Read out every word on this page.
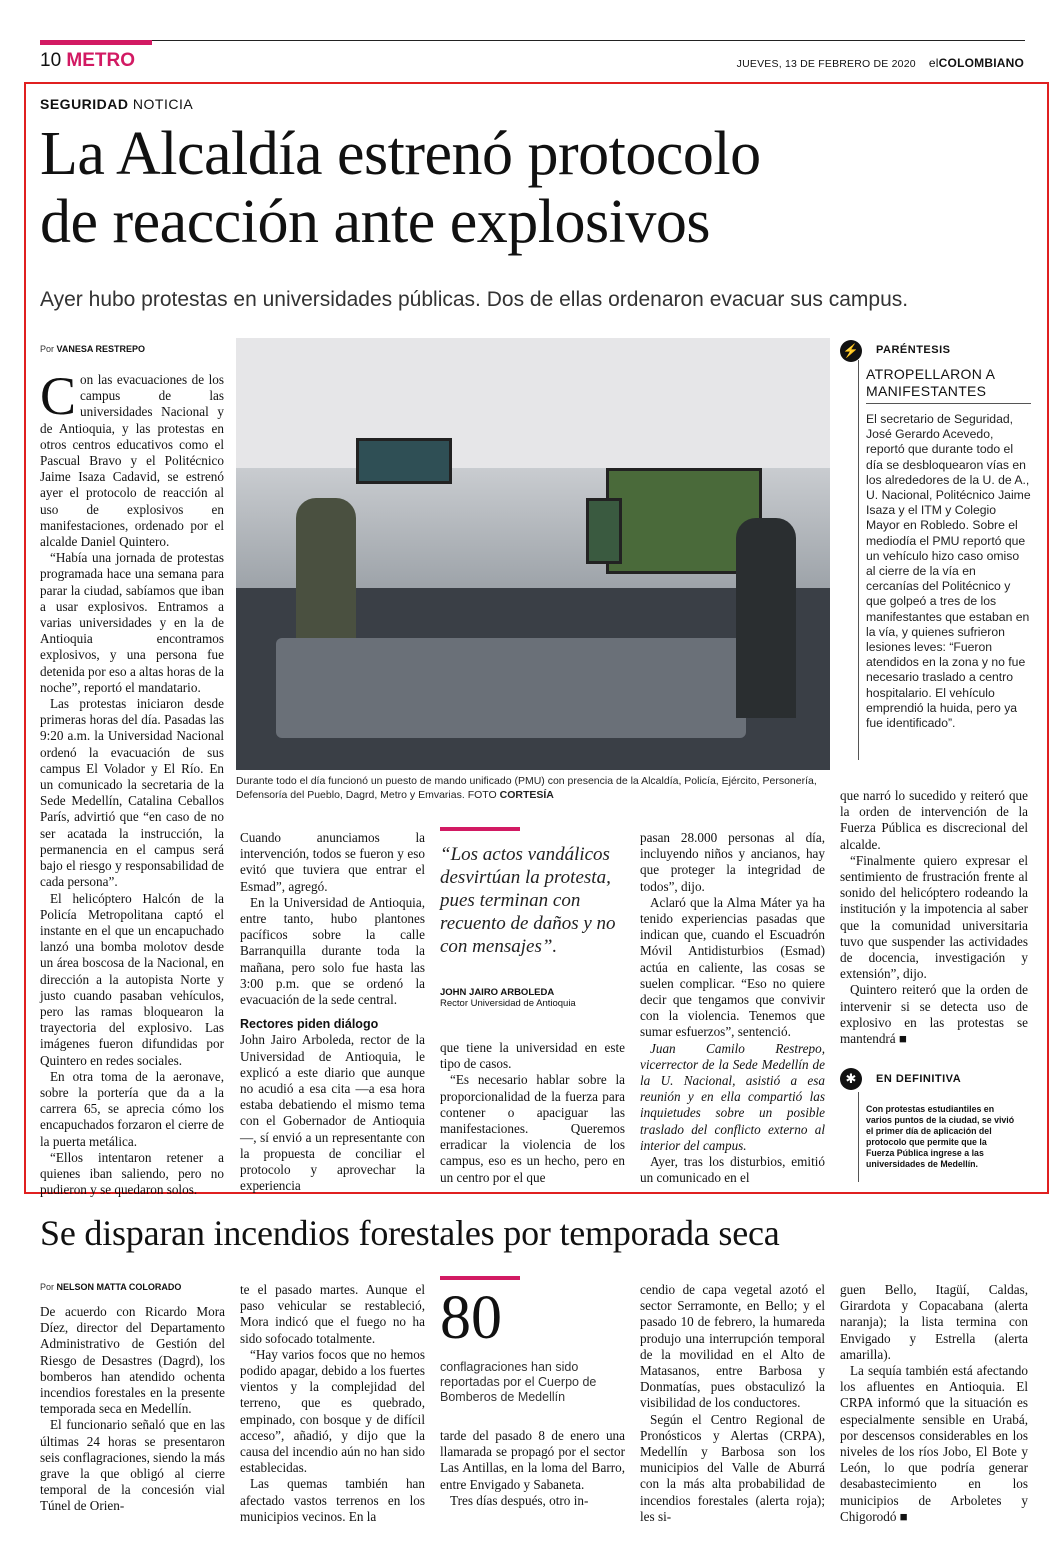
10 METRO	JUEVES, 13 DE FEBRERO DE 2020 elCOLOMBIANO
SEGURIDAD NOTICIA
La Alcaldía estrenó protocolo
de reacción ante explosivos
Ayer hubo protestas en universidades públicas. Dos de ellas ordenaron evacuar sus campus.
Por VANESA RESTREPO

Con las evacuaciones de los campus de las universidades Nacional y de Antioquia, y las protestas en otros centros educativos como el Pascual Bravo y el Politécnico Jaime Isaza Cadavid, se estrenó ayer el protocolo de reacción al uso de explosivos en manifestaciones, ordenado por el alcalde Daniel Quintero.

“Había una jornada de protestas programada hace una semana para parar la ciudad, sabíamos que iban a usar explosivos. Entramos a varias universidades y en la de Antioquia encontramos explosivos, y una persona fue detenida por eso a altas horas de la noche”, reportó el mandatario.

Las protestas iniciaron desde primeras horas del día. Pasadas las 9:20 a.m. la Universidad Nacional ordenó la evacuación de sus campus El Volador y El Río. En un comunicado la secretaria de la Sede Medellín, Catalina Ceballos París, advirtió que “en caso de no ser acatada la instrucción, la permanencia en el campus será bajo el riesgo y responsabilidad de cada persona”.

El helicóptero Halcón de la Policía Metropolitana captó el instante en el que un encapuchado lanzó una bomba molotov desde un área boscosa de la Nacional, en dirección a la autopista Norte y justo cuando pasaban vehículos, pero las ramas bloquearon la trayectoria del explosivo. Las imágenes fueron difundidas por Quintero en redes sociales.

En otra toma de la aeronave, sobre la portería que da a la carrera 65, se apreciа cómo los encapuchados forzaron el cierre de la puerta metálica.

“Ellos intentaron retener a quienes iban saliendo, pero no pudieron y se quedaron solos.

Durante todo el día funcionó un puesto de mando unificado (PMU) con presencia de la Alcaldía, Policía, Ejército, Personería, Defensoría del Pueblo, Dagrd, Metro y Emvarias. FOTO CORTESÍA

Cuando anunciamos la intervención, todos se fueron y eso evitó que tuviera que entrar el Esmad”, agregó.

En la Universidad de Antioquia, entre tanto, hubo plantones pacíficos sobre la calle Barranquilla durante toda la mañana, pero solo fue hasta las 3:00 p.m. que se ordenó la evacuación de la sede central.

Rectores piden diálogo

John Jairo Arboleda, rector de la Universidad de Antioquia, le explicó a este diario que aunque no acudió a esa cita —a esa hora estaba debatiendo el mismo tema con el Gobernador de Antioquia—, sí envió a un representante con la propuesta de conciliar el protocolo y aprovechar la experiencia

“Los actos vandálicos desvirtúan la protesta, pues terminan con recuento de daños y no con mensajes”.
JOHN JAIRO ARBOLEDA
Rector Universidad de Antioquia

que tiene la universidad en este tipo de casos.

“Es necesario hablar sobre la proporcionalidad de la fuerza para contener o apaciguar las manifestaciones. Queremos erradicar la violencia de los campus, eso es un hecho, pero en un centro por el que

pasan 28.000 personas al día, incluyendo niños y ancianos, hay que proteger la integridad de todos”, dijo.

Aclaró que la Alma Máter ya ha tenido experiencias pasadas que indican que, cuando el Escuadrón Móvil Antidisturbios (Esmad) actúa en caliente, las cosas se suelen complicar. “Eso no quiere decir que tengamos que convivir con la violencia. Tenemos que sumar esfuerzos”, sentenció.

Juan Camilo Restrepo, vicerrector de la Sede Medellín de la U. Nacional, asistió a esa reunión y en ella compartió las inquietudes sobre un posible traslado del conflicto externo al interior del campus.

Ayer, tras los disturbios, emitió un comunicado en el

que narró lo sucedido y reiteró que la orden de intervención de la Fuerza Pública es discrecional del alcalde.

“Finalmente quiero expresar el sentimiento de frustración frente al sonido del helicóptero rodeando la institución y la impotencia al saber que la comunidad universitaria tuvo que suspender las actividades de docencia, investigación y extensión”, dijo.

Quintero reiteró que la orden de intervenir si se detecta uso de explosivo en las protestas se mantendrá ■

⚡ PARÉNTESIS
ATROPELLARON A MANIFESTANTES
El secretario de Seguridad, José Gerardo Acevedo, reportó que durante todo el día se desbloquearon vías en los alrededores de la U. de A., U. Nacional, Politécnico Jaime Isaza y el ITM y Colegio Mayor en Robledo. Sobre el mediodía el PMU reportó que un vehículo hizo caso omiso al cierre de la vía en cercanías del Politécnico y que golpeó a tres de los manifestantes que estaban en la vía, y quienes sufrieron lesiones leves: “Fueron atendidos en la zona y no fue necesario traslado a centro hospitalario. El vehículo emprendió la huida, pero ya fue identificado”.
✱	EN DEFINITIVA
Con protestas estudiantiles en varios puntos de la ciudad, se vivió el primer día de aplicación del protocolo que permite que la Fuerza Pública ingrese a las universidades de Medellín.
Se disparan incendios forestales por temporada seca
Por NELSON MATTA COLORADO

De acuerdo con Ricardo Mora Díez, director del Departamento Administrativo de Gestión del Riesgo de Desastres (Dagrd), los bomberos han atendido ochenta incendios forestales en la presente temporada seca en Medellín.

El funcionario señaló que en las últimas 24 horas se presentaron seis conflagraciones, siendo la más grave la que obligó al cierre temporal de la concesión vial Túnel de Orien-

te el pasado martes. Aunque el paso vehicular se restableció, Mora indicó que el fuego no ha sido sofocado totalmente.

“Hay varios focos que no hemos podido apagar, debido a los fuertes vientos y la complejidad del terreno, que es quebrado, empinado, con bosque y de difícil acceso”, añadió, y dijo que la causa del incendio aún no han sido establecidas.

Las quemas también han afectado vastos terrenos en los municipios vecinos. En la

80
conflagraciones han sido reportadas por el Cuerpo de Bomberos de Medellín

tarde del pasado 8 de enero una llamarada se propagó por el sector Las Antillas, en la loma del Barro, entre Envigado y Sabaneta.

Tres días después, otro in-

cendio de capa vegetal azotó el sector Serramonte, en Bello; y el pasado 10 de febrero, la humareda produjo una interrupción temporal de la movilidad en el Alto de Matasanos, entre Barbosa y Donmatías, pues obstaculizó la visibilidad de los conductores.

Según el Centro Regional de Pronósticos y Alertas (CRPA), Medellín y Barbosa son los municipios del Valle de Aburrá con la más alta probabilidad de incendios forestales (alerta roja); les si-

guen Bello, Itagüí, Caldas, Girardota y Copacabana (alerta naranja); la lista termina con Envigado y Estrella (alerta amarilla).

La sequía también está afectando los afluentes en Antioquia. El CRPA informó que la situación es especialmente sensible en Urabá, por descensos considerables en los niveles de los ríos Jobo, El Bote y León, lo que podría generar desabastecimiento en los municipios de Arboletes y Chigorodó ■
